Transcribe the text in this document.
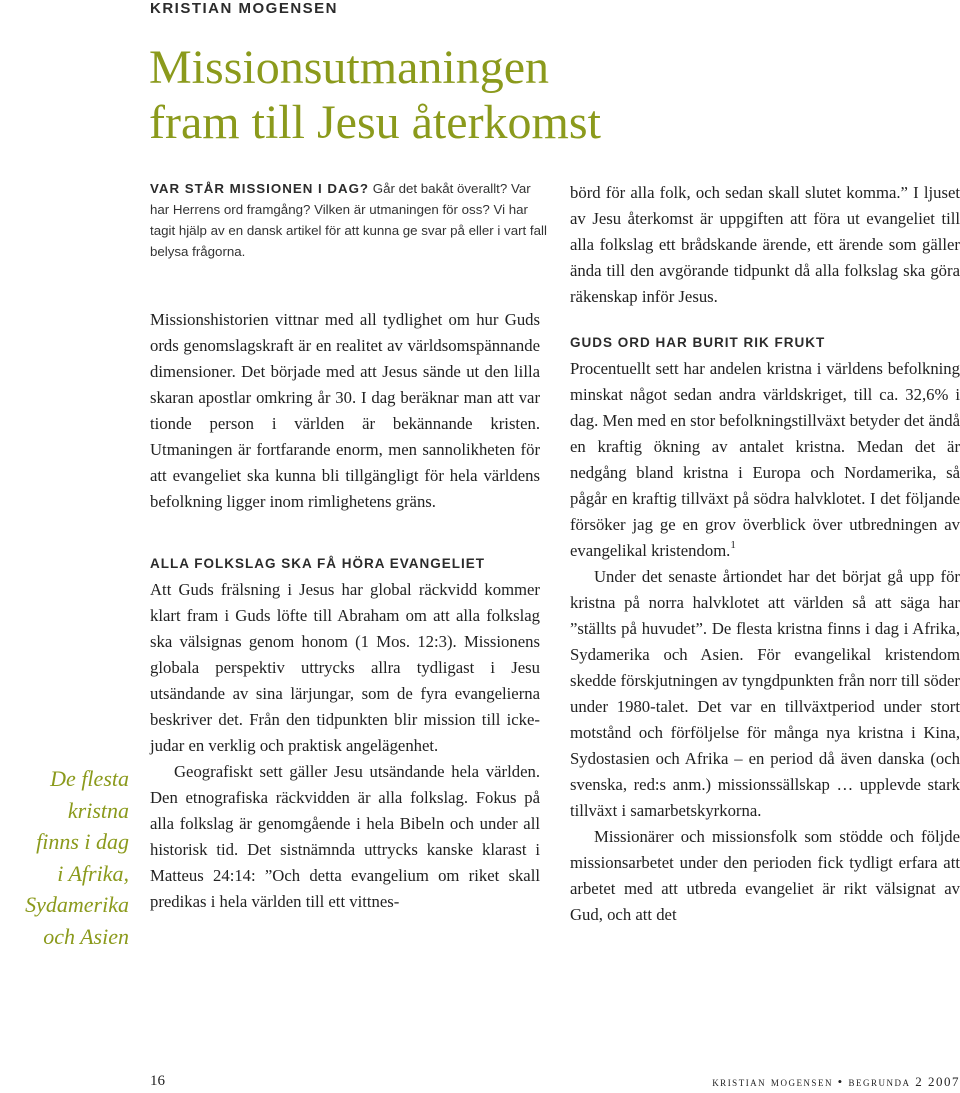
KRISTIAN MOGENSEN
Missionsutmaningen
fram till Jesu återkomst
VAR STÅR MISSIONEN I DAG? Går det bakåt överallt? Var har Herrens ord framgång? Vilken är utmaningen för oss? Vi har tagit hjälp av en dansk artikel för att kunna ge svar på eller i vart fall belysa frågorna.

Missionshistorien vittnar med all tydlighet om hur Guds ords genomslagskraft är en realitet av världsomspännande dimensioner. Det började med att Jesus sände ut den lilla skaran apostlar omkring år 30. I dag beräknar man att var tionde person i världen är bekännande kristen. Utmaningen är fortfarande enorm, men sannolikheten för att evangeliet ska kunna bli tillgängligt för hela världens befolkning ligger inom rimlighetens gräns.

ALLA FOLKSLAG SKA FÅ HÖRA EVANGELIET

Att Guds frälsning i Jesus har global räckvidd kommer klart fram i Guds löfte till Abraham om att alla folkslag ska välsignas genom honom (1 Mos. 12:3). Missionens globala perspektiv uttrycks allra tydligast i Jesu utsändande av sina lärjungar, som de fyra evangelierna beskriver det. Från den tidpunkten blir mission till icke-judar en verklig och praktisk angelägenhet.

Geografiskt sett gäller Jesu utsändande hela världen. Den etnografiska räckvidden är alla folkslag. Fokus på alla folkslag är genomgående i hela Bibeln och under all historisk tid. Det sistnämnda uttrycks kanske klarast i Matteus 24:14: ”Och detta evangelium om riket skall predikas i hela världen till ett vittnes-

börd för alla folk, och sedan skall slutet komma.” I ljuset av Jesu återkomst är uppgiften att föra ut evangeliet till alla folkslag ett brådskande ärende, ett ärende som gäller ända till den avgörande tidpunkt då alla folkslag ska göra räkenskap inför Jesus.

GUDS ORD HAR BURIT RIK FRUKT

Procentuellt sett har andelen kristna i världens befolkning minskat något sedan andra världskriget, till ca. 32,6% i dag. Men med en stor befolkningstillväxt betyder det ändå en kraftig ökning av antalet kristna. Medan det är nedgång bland kristna i Europa och Nordamerika, så pågår en kraftig tillväxt på södra halvklotet. I det följande försöker jag ge en grov överblick över utbredningen av evangelikal kristendom.$^1$

Under det senaste årtiondet har det börjat gå upp för kristna på norra halvklotet att världen så att säga har ”ställts på huvudet”. De flesta kristna finns i dag i Afrika, Sydamerika och Asien. För evangelikal kristendom skedde förskjutningen av tyngdpunkten från norr till söder under 1980-talet. Det var en tillväxtperiod under stort motstånd och förföljelse för många nya kristna i Kina, Sydostasien och Afrika – en period då även danska (och svenska, red:s anm.) missionssällskap … upplevde stark tillväxt i samarbetskyrkorna.

Missionärer och missionsfolk som stödde och följde missionsarbetet under den perioden fick tydligt erfara att arbetet med att utbreda evangeliet är rikt välsignat av Gud, och att det

De flesta
kristna
finns i dag
i Afrika,
Sydamerika
och Asien
16	kristian mogensen • begrunda 2 2007
